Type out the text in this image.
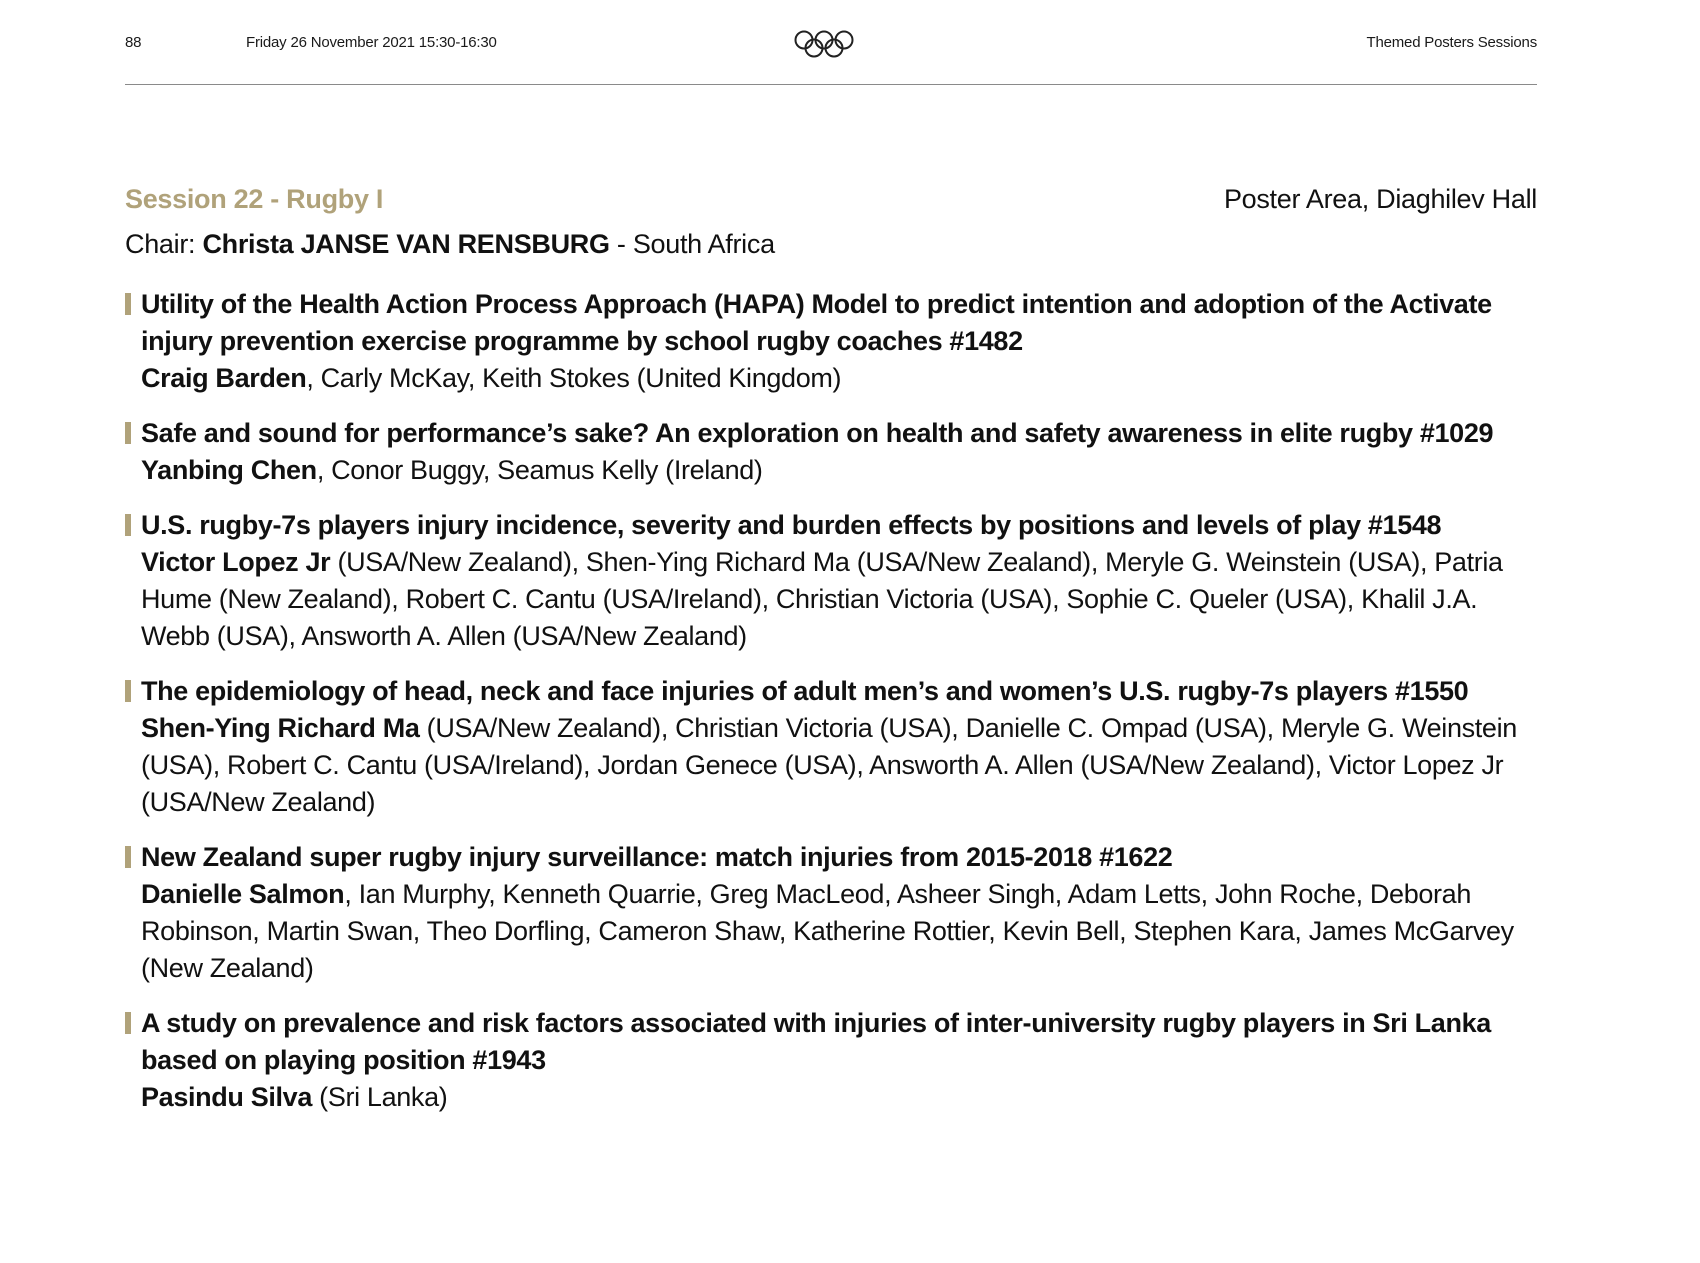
88	Friday 26 November 2021 15:30-16:30	Themed Posters Sessions
Session 22 - Rugby I	Poster Area, Diaghilev Hall
Chair: Christa JANSE VAN RENSBURG - South Africa
Utility of the Health Action Process Approach (HAPA) Model to predict intention and adoption of the Activate injury prevention exercise programme by school rugby coaches #1482
Craig Barden, Carly McKay, Keith Stokes (United Kingdom)
Safe and sound for performance’s sake? An exploration on health and safety awareness in elite rugby #1029
Yanbing Chen, Conor Buggy, Seamus Kelly (Ireland)
U.S. rugby-7s players injury incidence, severity and burden effects by positions and levels of play #1548
Victor Lopez Jr (USA/New Zealand), Shen-Ying Richard Ma (USA/New Zealand), Meryle G. Weinstein (USA), Patria Hume (New Zealand), Robert C. Cantu (USA/Ireland), Christian Victoria (USA), Sophie C. Queler (USA), Khalil J.A. Webb (USA), Answorth A. Allen (USA/New Zealand)
The epidemiology of head, neck and face injuries of adult men’s and women’s U.S. rugby-7s players #1550
Shen-Ying Richard Ma (USA/New Zealand), Christian Victoria (USA), Danielle C. Ompad (USA), Meryle G. Weinstein (USA), Robert C. Cantu (USA/Ireland), Jordan Genece (USA), Answorth A. Allen (USA/New Zealand), Victor Lopez Jr (USA/New Zealand)
New Zealand super rugby injury surveillance: match injuries from 2015-2018 #1622
Danielle Salmon, Ian Murphy, Kenneth Quarrie, Greg MacLeod, Asheer Singh, Adam Letts, John Roche, Deborah Robinson, Martin Swan, Theo Dorfling, Cameron Shaw, Katherine Rottier, Kevin Bell, Stephen Kara, James McGarvey (New Zealand)
A study on prevalence and risk factors associated with injuries of inter-university rugby players in Sri Lanka based on playing position #1943
Pasindu Silva (Sri Lanka)
